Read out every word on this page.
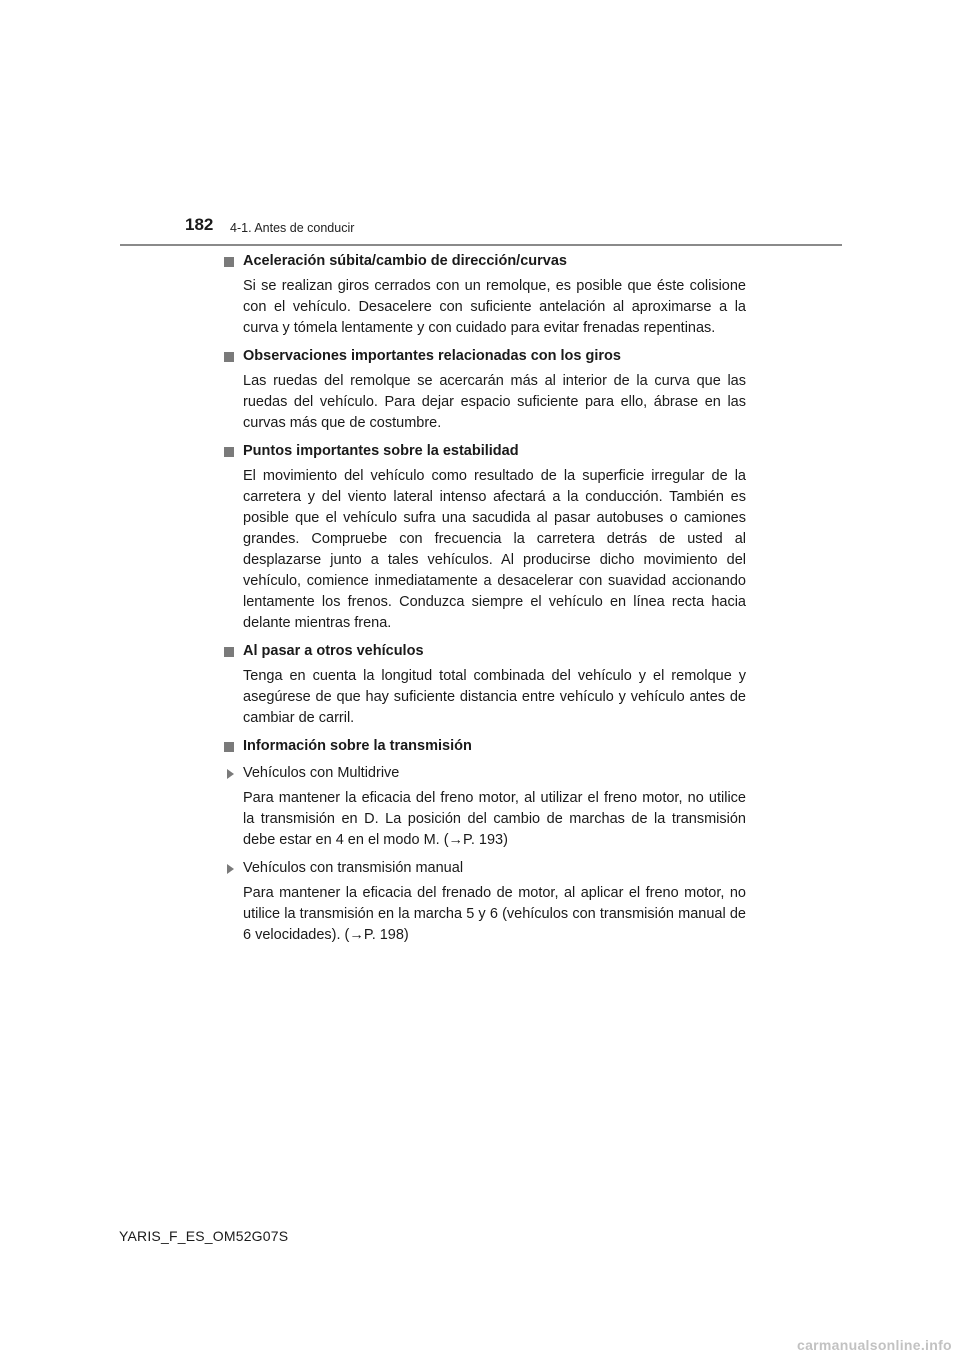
182 4-1. Antes de conducir
Aceleración súbita/cambio de dirección/curvas

Si se realizan giros cerrados con un remolque, es posible que éste colisione con el vehículo. Desacelere con suficiente antelación al aproximarse a la curva y tómela lentamente y con cuidado para evitar frenadas repentinas.

Observaciones importantes relacionadas con los giros

Las ruedas del remolque se acercarán más al interior de la curva que las ruedas del vehículo. Para dejar espacio suficiente para ello, ábrase en las curvas más que de costumbre.

Puntos importantes sobre la estabilidad

El movimiento del vehículo como resultado de la superficie irregular de la carretera y del viento lateral intenso afectará a la conducción. También es posible que el vehículo sufra una sacudida al pasar autobuses o camiones grandes. Compruebe con frecuencia la carretera detrás de usted al desplazarse junto a tales vehículos. Al producirse dicho movimiento del vehículo, comience inmediatamente a desacelerar con suavidad accionando lentamente los frenos. Conduzca siempre el vehículo en línea recta hacia delante mientras frena.

Al pasar a otros vehículos

Tenga en cuenta la longitud total combinada del vehículo y el remolque y asegúrese de que hay suficiente distancia entre vehículo y vehículo antes de cambiar de carril.

Información sobre la transmisión
Vehículos con Multidrive

Para mantener la eficacia del freno motor, al utilizar el freno motor, no utilice la transmisión en D. La posición del cambio de marchas de la transmisión debe estar en 4 en el modo M. (→P. 193)

Vehículos con transmisión manual

Para mantener la eficacia del frenado de motor, al aplicar el freno motor, no utilice la transmisión en la marcha 5 y 6 (vehículos con transmisión manual de 6 velocidades). (→P. 198)

YARIS_F_ES_OM52G07S
carmanualsonline.info
